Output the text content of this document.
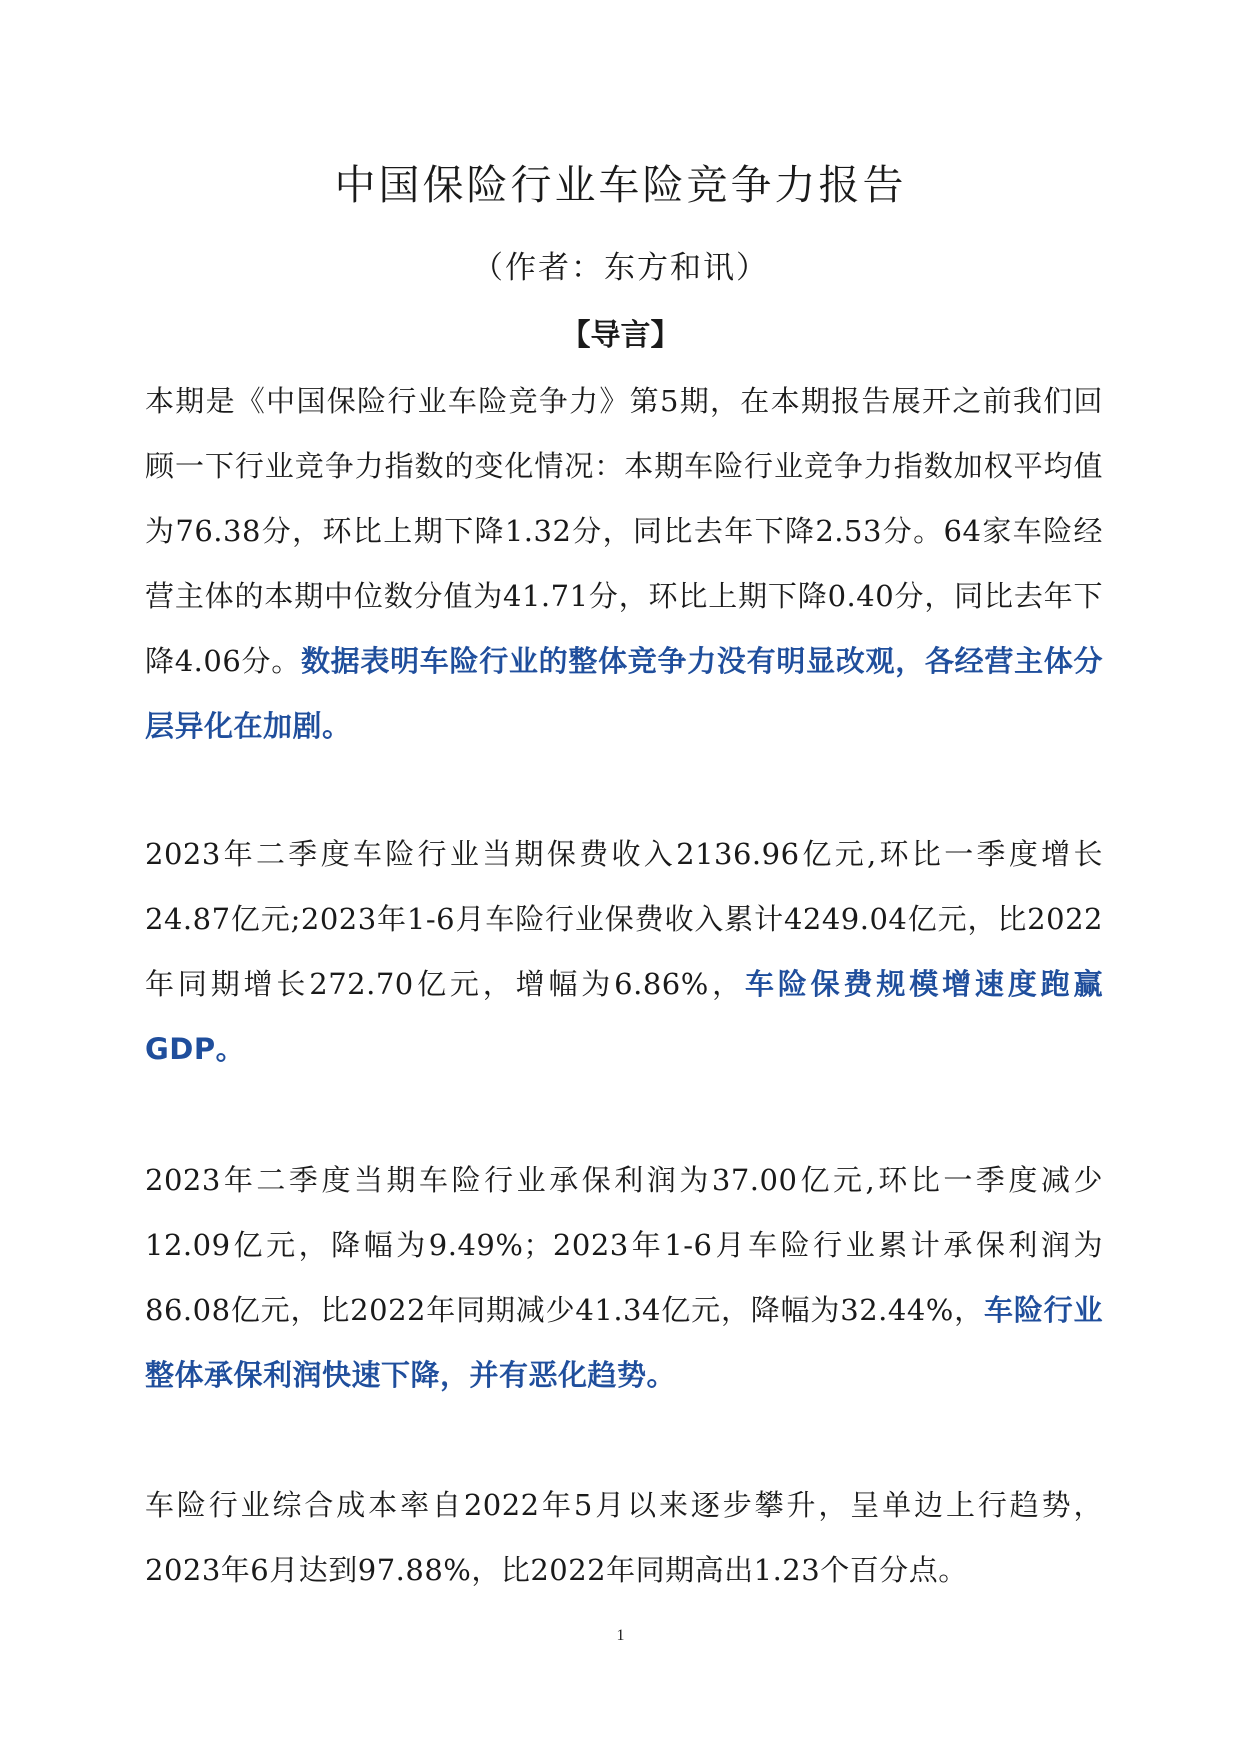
中国保险行业车险竞争力报告

（作者：东方和讯）

【导言】

本期是《中国保险行业车险竞争力》第5期，在本期报告展开之前我们回顾一下行业竞争力指数的变化情况：本期车险行业竞争力指数加权平均值为76.38分，环比上期下降1.32分，同比去年下降2.53分。64家车险经营主体的本期中位数分值为41.71分，环比上期下降0.40分，同比去年下降4.06分。数据表明车险行业的整体竞争力没有明显改观，各经营主体分层异化在加剧。

2023年二季度车险行业当期保费收入2136.96亿元,环比一季度增长24.87亿元;2023年1-6月车险行业保费收入累计4249.04亿元，比2022年同期增长272.70亿元，增幅为6.86%，车险保费规模增速度跑赢GDP。

2023年二季度当期车险行业承保利润为37.00亿元,环比一季度减少12.09亿元，降幅为9.49%；2023年1-6月车险行业累计承保利润为86.08亿元，比2022年同期减少41.34亿元，降幅为32.44%，车险行业整体承保利润快速下降，并有恶化趋势。

车险行业综合成本率自2022年5月以来逐步攀升，呈单边上行趋势，2023年6月达到97.88%，比2022年同期高出1.23个百分点。

1
